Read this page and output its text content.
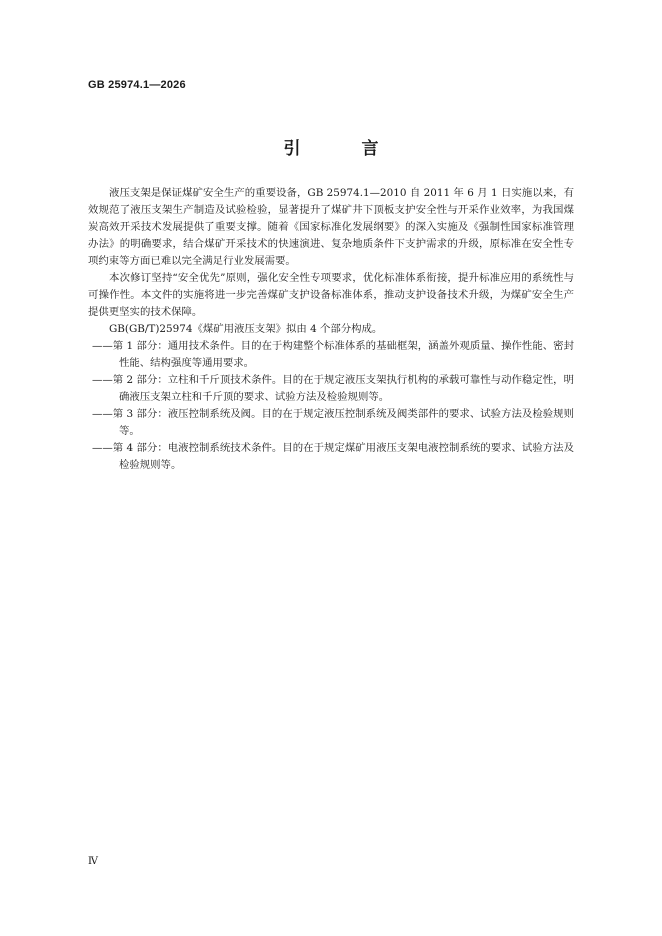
GB 25974.1—2026
引　言

液压支架是保证煤矿安全生产的重要设备，GB 25974.1—2010 自 2011 年 6 月 1 日实施以来，有效规范了液压支架生产制造及试验检验，显著提升了煤矿井下顶板支护安全性与开采作业效率，为我国煤炭高效开采技术发展提供了重要支撑。随着《国家标准化发展纲要》的深入实施及《强制性国家标准管理办法》的明确要求，结合煤矿开采技术的快速演进、复杂地质条件下支护需求的升级，原标准在安全性专项约束等方面已难以完全满足行业发展需要。

本次修订坚持“安全优先”原则，强化安全性专项要求，优化标准体系衔接，提升标准应用的系统性与可操作性。本文件的实施将进一步完善煤矿支护设备标准体系，推动支护设备技术升级，为煤矿安全生产提供更坚实的技术保障。

GB(GB/T)25974《煤矿用液压支架》拟由 4 个部分构成。

——第 1 部分：通用技术条件。目的在于构建整个标准体系的基础框架，涵盖外观质量、操作性能、密封性能、结构强度等通用要求。

——第 2 部分：立柱和千斤顶技术条件。目的在于规定液压支架执行机构的承载可靠性与动作稳定性，明确液压支架立柱和千斤顶的要求、试验方法及检验规则等。

——第 3 部分：液压控制系统及阀。目的在于规定液压控制系统及阀类部件的要求、试验方法及检验规则等。

——第 4 部分：电液控制系统技术条件。目的在于规定煤矿用液压支架电液控制系统的要求、试验方法及检验规则等。

Ⅳ
